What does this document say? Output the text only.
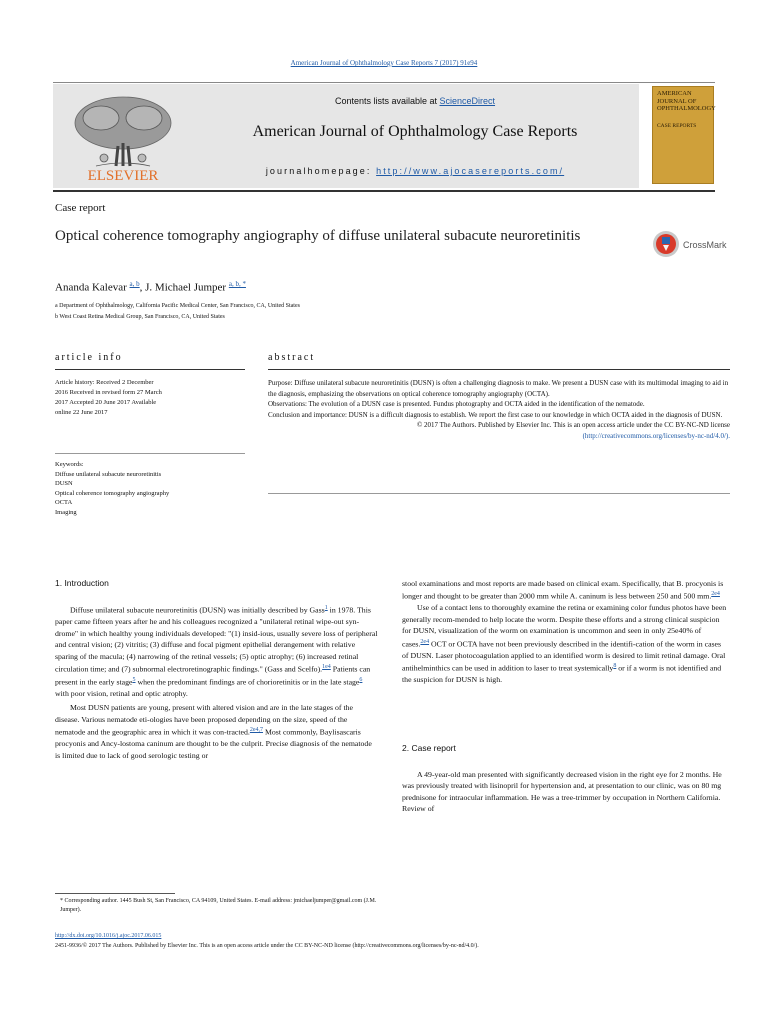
American Journal of Ophthalmology Case Reports 7 (2017) 91e94
ELSEVIER
Contents lists available at ScienceDirect
American Journal of Ophthalmology Case Reports
journalhomepage: http://www.ajocasereports.com/
AMERICAN JOURNAL OF OPHTHALMOLOGY
CASE REPORTS
Case report
Optical coherence tomography angiography of diffuse unilateral subacute neuroretinitis
CrossMark
Ananda Kalevar $^{a, b}$, J. Michael Jumper $^{a, b, *}$
a Department of Ophthalmology, California Pacific Medical Center, San Francisco, CA, United States
b West Coast Retina Medical Group, San Francisco, CA, United States
article info	abstract
Article history: Received 2 December 2016 Received in revised form 27 March 2017 Accepted 20 June 2017 Available online 22 June 2017
Keywords:
Diffuse unilateral subacute neuroretinitis
DUSN
Optical coherence tomography angiography
OCTA
Imaging

Purpose: Diffuse unilateral subacute neuroretinitis (DUSN) is often a challenging diagnosis to make. We present a DUSN case with its multimodal imaging to aid in the diagnosis, emphasizing the observations on optical coherence tomography angiography (OCTA).

Observations: The evolution of a DUSN case is presented. Fundus photography and OCTA aided in the identification of the nematode.

Conclusion and importance: DUSN is a difficult diagnosis to establish. We report the first case to our knowledge in which OCTA aided in the diagnosis of DUSN.

© 2017 The Authors. Published by Elsevier Inc. This is an open access article under the CC BY-NC-ND license

(http://creativecommons.org/licenses/by-nc-nd/4.0/).

1. Introduction

Diffuse unilateral subacute neuroretinitis (DUSN) was initially described by Gass$^1$ in 1978. This paper came fifteen years after he and his colleagues recognized a "unilateral retinal wipe-out syn-drome" in which healthy young individuals developed: "(1) insid-ious, usually severe loss of peripheral and central vision; (2) vitritis; (3) diffuse and focal pigment epithelial derangement with relative sparing of the macula; (4) narrowing of the retinal vessels; (5) optic atrophy; (6) increased retinal circulation time; and (7) subnormal electroretinographic findings." (Gass and Scelfo).$^{1e4}$ Patients can present in the early stage$^5$ when the predominant findings are of chorioretinitis or in the late stage$^6$ with poor vision, retinal and optic atrophy.

Most DUSN patients are young, present with altered vision and are in the late stages of the disease. Various nematode eti-ologies have been proposed depending on the size, speed of the nematode and the geographic area in which it was con-tracted.$^{2e4,7}$ Most commonly, Baylisascaris procyonis and Ancy-lostoma caninum are thought to be the culprit. Precise diagnosis of the nematode is limited due to lack of good serologic testing or

stool examinations and most reports are made based on clinical exam. Specifically, that B. procyonis is longer and thought to be greater than 2000 mm while A. caninum is less between 250 and 500 mm.$^{2e4}$

Use of a contact lens to thoroughly examine the retina or examining color fundus photos have been generally recom-mended to help locate the worm. Despite these efforts and a strong clinical suspicion for DUSN, visualization of the worm on examination is uncommon and seen in only 25e40% of cases.$^{2e4}$ OCT or OCTA have not been previously described in the identifi-cation of the worm in cases of DUSN. Laser photocoagulation applied to an identified worm is desired to limit retinal damage. Oral antihelminthics can be used in addition to laser to treat systemically$^8$ or if a worm is not identified and the suspicion for DUSN is high.

2. Case report

A 49-year-old man presented with significantly decreased vision in the right eye for 2 months. He was previously treated with lisinopril for hypertension and, at presentation to our clinic, was on 80 mg prednisone for intraocular inflammation. He was a tree-trimmer by occupation in Northern California. Review of

* Corresponding author. 1445 Bush St, San Francisco, CA 94109, United States. E-mail address: jmichaeljumper@gmail.com (J.M. Jumper).
http://dx.doi.org/10.1016/j.ajoc.2017.06.015
2451-9936/© 2017 The Authors. Published by Elsevier Inc. This is an open access article under the CC BY-NC-ND license (http://creativecommons.org/licenses/by-nc-nd/4.0/).
